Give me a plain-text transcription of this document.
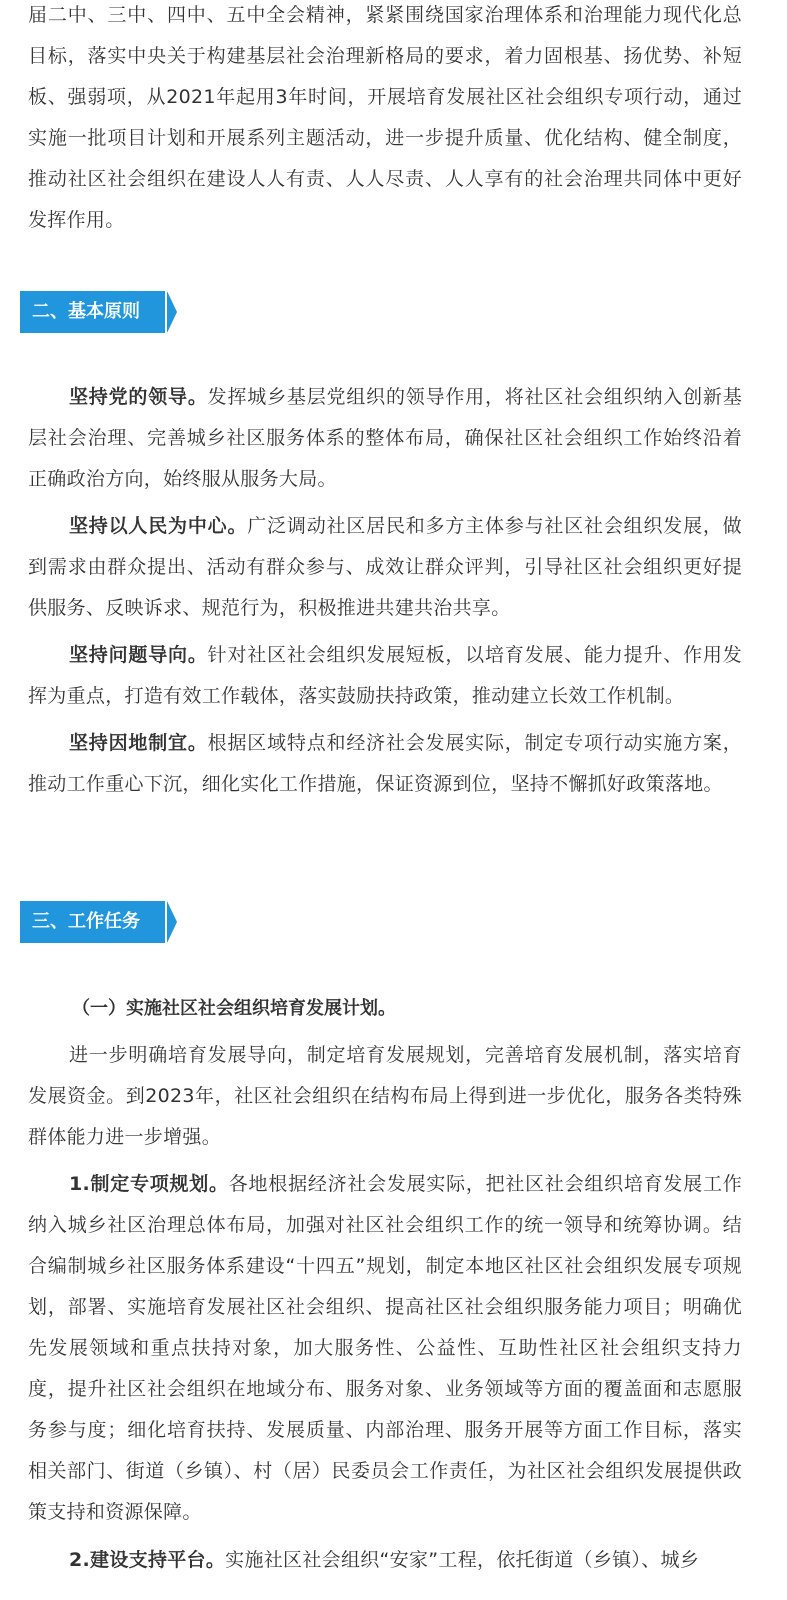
届二中、三中、四中、五中全会精神，紧紧围绕国家治理体系和治理能力现代化总目标，落实中央关于构建基层社会治理新格局的要求，着力固根基、扬优势、补短板、强弱项，从2021年起用3年时间，开展培育发展社区社会组织专项行动，通过实施一批项目计划和开展系列主题活动，进一步提升质量、优化结构、健全制度，推动社区社会组织在建设人人有责、人人尽责、人人享有的社会治理共同体中更好发挥作用。

二、基本原则

坚持党的领导。发挥城乡基层党组织的领导作用，将社区社会组织纳入创新基层社会治理、完善城乡社区服务体系的整体布局，确保社区社会组织工作始终沿着正确政治方向，始终服从服务大局。

坚持以人民为中心。广泛调动社区居民和多方主体参与社区社会组织发展，做到需求由群众提出、活动有群众参与、成效让群众评判，引导社区社会组织更好提供服务、反映诉求、规范行为，积极推进共建共治共享。

坚持问题导向。针对社区社会组织发展短板，以培育发展、能力提升、作用发挥为重点，打造有效工作载体，落实鼓励扶持政策，推动建立长效工作机制。

坚持因地制宜。根据区域特点和经济社会发展实际，制定专项行动实施方案，推动工作重心下沉，细化实化工作措施，保证资源到位，坚持不懈抓好政策落地。

三、工作任务

（一）实施社区社会组织培育发展计划。

进一步明确培育发展导向，制定培育发展规划，完善培育发展机制，落实培育发展资金。到2023年，社区社会组织在结构布局上得到进一步优化，服务各类特殊群体能力进一步增强。

1.制定专项规划。各地根据经济社会发展实际，把社区社会组织培育发展工作纳入城乡社区治理总体布局，加强对社区社会组织工作的统一领导和统筹协调。结合编制城乡社区服务体系建设“十四五”规划，制定本地区社区社会组织发展专项规划，部署、实施培育发展社区社会组织、提高社区社会组织服务能力项目；明确优先发展领域和重点扶持对象，加大服务性、公益性、互助性社区社会组织支持力度，提升社区社会组织在地域分布、服务对象、业务领域等方面的覆盖面和志愿服务参与度；细化培育扶持、发展质量、内部治理、服务开展等方面工作目标，落实相关部门、街道（乡镇）、村（居）民委员会工作责任，为社区社会组织发展提供政策支持和资源保障。

2.建设支持平台。实施社区社会组织“安家”工程，依托街道（乡镇）、城乡
